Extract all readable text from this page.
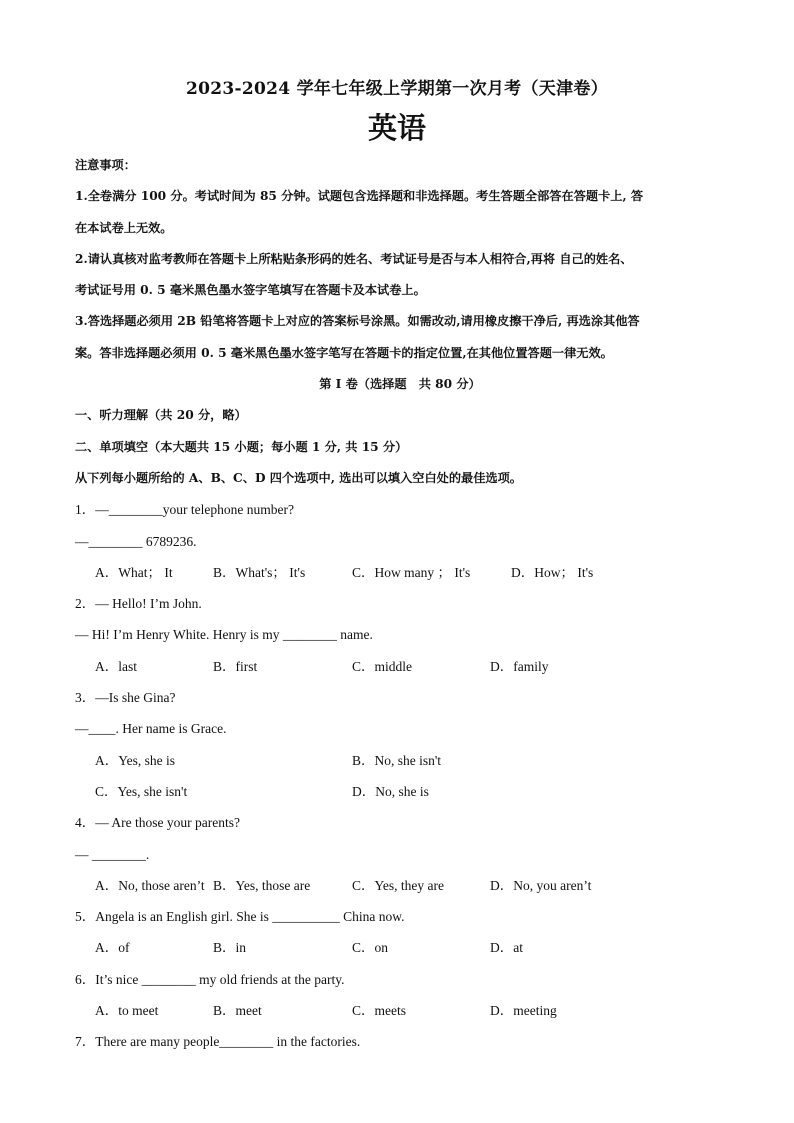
2023-2024 学年七年级上学期第一次月考（天津卷）
英语
注意事项：
1.全卷满分 100 分。考试时间为 85 分钟。试题包含选择题和非选择题。考生答题全部答在答题卡上, 答
在本试卷上无效。
2.请认真核对监考教师在答题卡上所粘贴条形码的姓名、考试证号是否与本人相符合,再将 自己的姓名、
考试证号用 0. 5 毫米黑色墨水签字笔填写在答题卡及本试卷上。
3.答选择题必须用 2B 铅笔将答题卡上对应的答案标号涂黑。如需改动,请用橡皮擦干净后, 再选涂其他答
案。答非选择题必须用 0. 5 毫米黑色墨水签字笔写在答题卡的指定位置,在其他位置答题一律无效。
第 I 卷（选择题　共 80 分）
一、听力理解（共 20 分，略）
二、单项填空（本大题共 15 小题；每小题 1 分, 共 15 分）
从下列每小题所给的 A、B、C、D 四个选项中, 选出可以填入空白处的最佳选项。
1．—________your telephone number?
—________ 6789236.
A．What； It	B．What's； It's	C．How many ； It's	D．How； It's
2．— Hello! I’m John.
— Hi! I’m Henry White. Henry is my ________ name.
A．last	B．first	C．middle	D．family
3．—Is she Gina?
—____. Her name is Grace.
A．Yes, she is	B．No, she isn't
C．Yes, she isn't	D．No, she is
4．— Are those your parents?
— ________.
A．No, those aren’t B．Yes, those are	C．Yes, they are	D．No, you aren’t
5．Angela is an English girl. She is __________ China now.
A．of	B．in	C．on	D．at
6．It’s nice ________ my old friends at the party.
A．to meet	B．meet	C．meets	D．meeting
7．There are many people________ in the factories.
